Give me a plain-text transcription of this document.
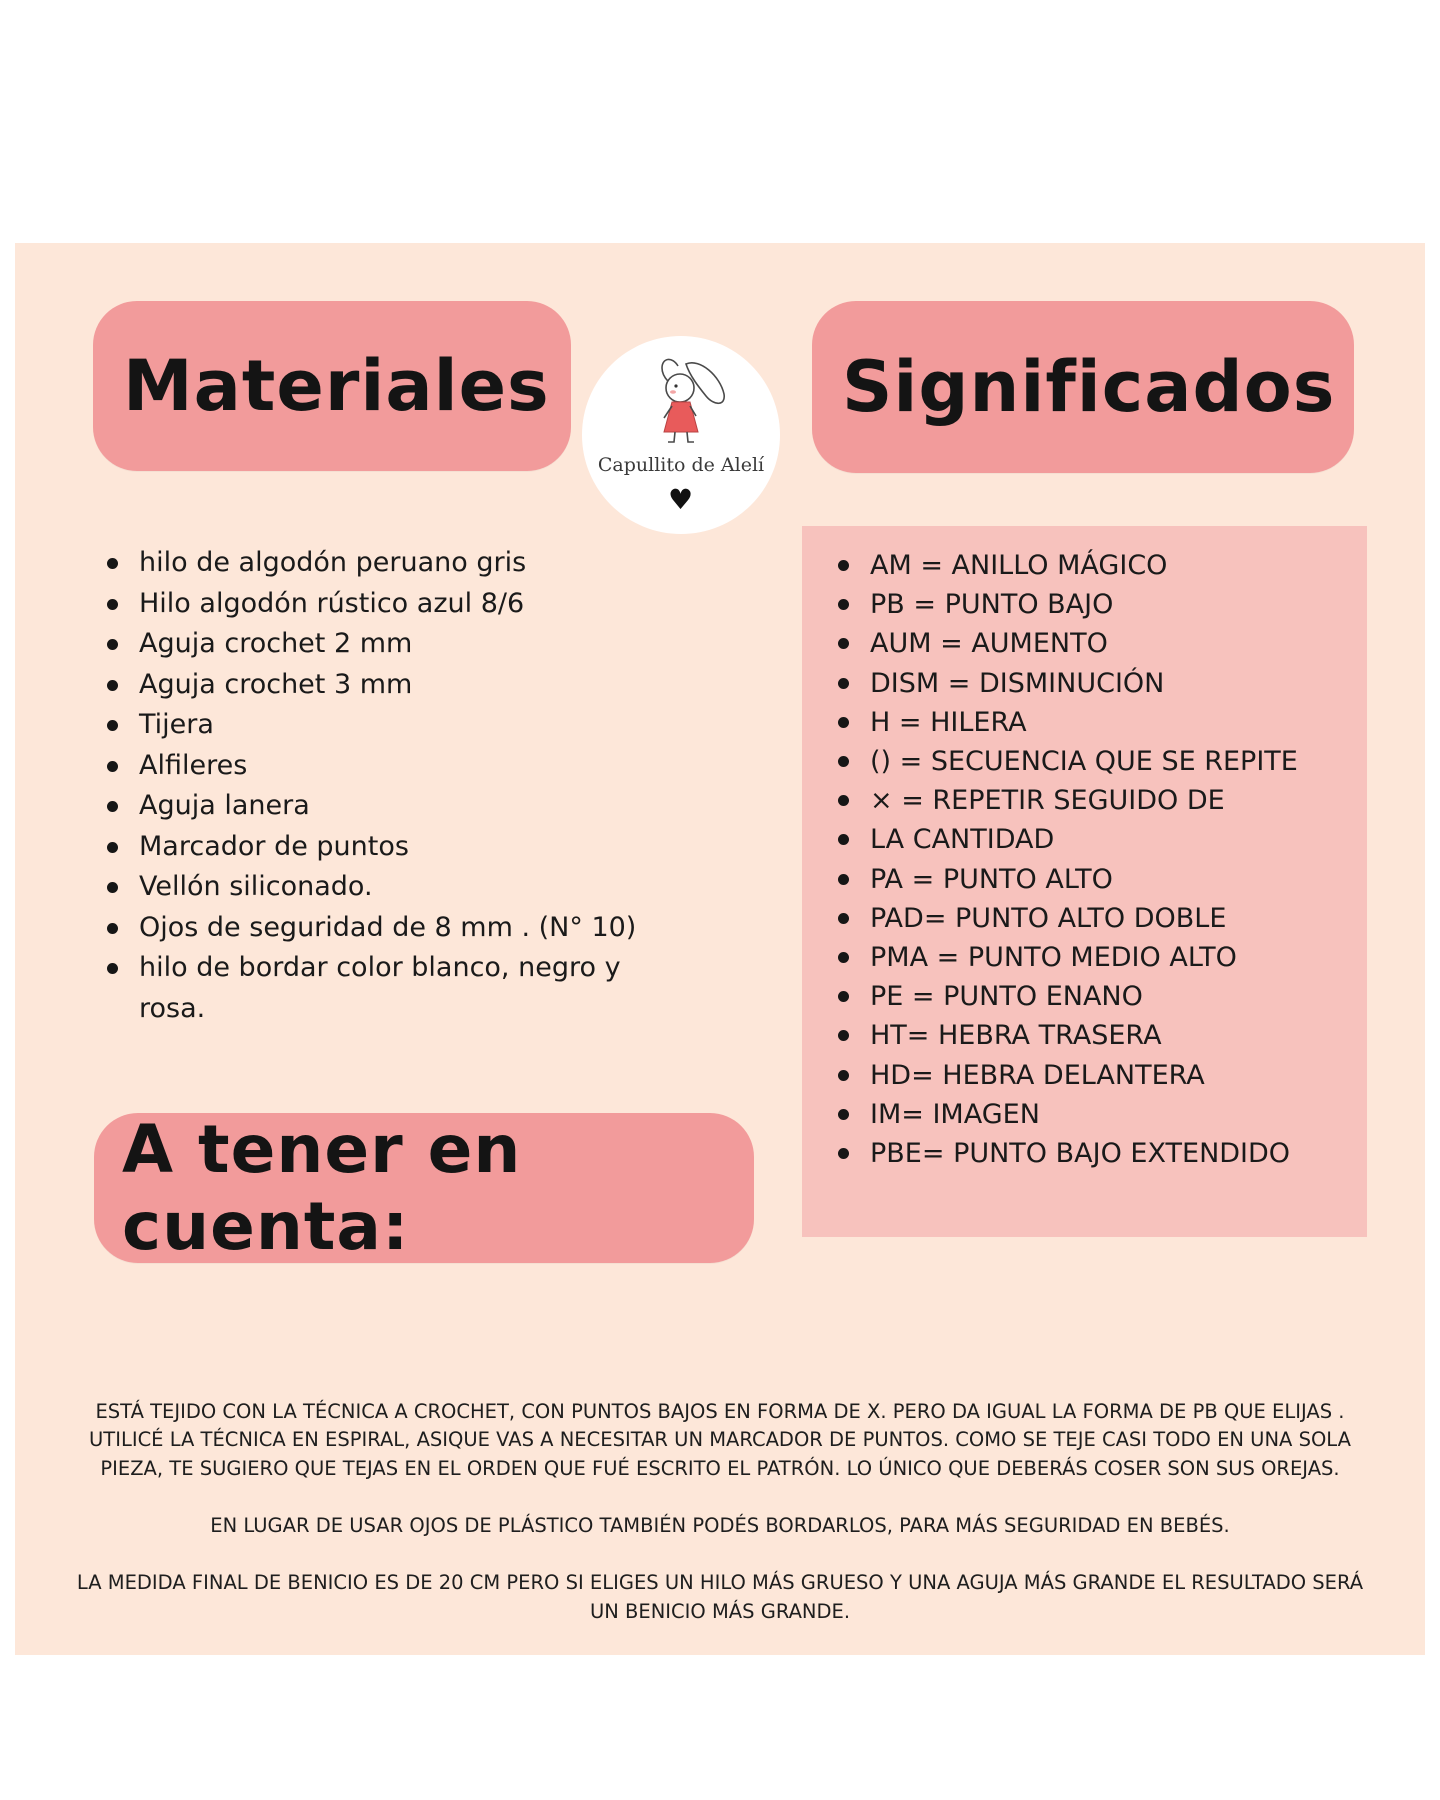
Materiales
Capullito de Alelí
♥
Significados
hilo de algodón peruano gris
Hilo algodón rústico azul 8/6
Aguja crochet 2 mm
Aguja crochet 3 mm
Tijera
Alfileres
Aguja lanera
Marcador de puntos
Vellón siliconado.
Ojos de seguridad de 8 mm . (N° 10)
hilo de bordar color blanco, negro y rosa.
AM = ANILLO MÁGICO
PB = PUNTO BAJO
AUM = AUMENTO
DISM = DISMINUCIÓN
H = HILERA
() = SECUENCIA QUE SE REPITE
× = REPETIR SEGUIDO DE
LA CANTIDAD
PA = PUNTO ALTO
PAD= PUNTO ALTO DOBLE
PMA = PUNTO MEDIO ALTO
PE = PUNTO ENANO
HT= HEBRA TRASERA
HD= HEBRA DELANTERA
IM= IMAGEN
PBE= PUNTO BAJO EXTENDIDO
A tener en cuenta:

ESTÁ TEJIDO CON LA TÉCNICA A CROCHET, CON PUNTOS BAJOS EN FORMA DE X. PERO DA IGUAL LA FORMA DE PB QUE ELIJAS . UTILICÉ LA TÉCNICA EN ESPIRAL, ASIQUE VAS A NECESITAR UN MARCADOR DE PUNTOS. COMO SE TEJE CASI TODO EN UNA SOLA PIEZA, TE SUGIERO QUE TEJAS EN EL ORDEN QUE FUÉ ESCRITO EL PATRÓN. LO ÚNICO QUE DEBERÁS COSER SON SUS OREJAS.

EN LUGAR DE USAR OJOS DE PLÁSTICO TAMBIÉN PODÉS BORDARLOS, PARA MÁS SEGURIDAD EN BEBÉS.

LA MEDIDA FINAL DE BENICIO ES DE 20 CM PERO SI ELIGES UN HILO MÁS GRUESO Y UNA AGUJA MÁS GRANDE EL RESULTADO SERÁ UN BENICIO MÁS GRANDE.
